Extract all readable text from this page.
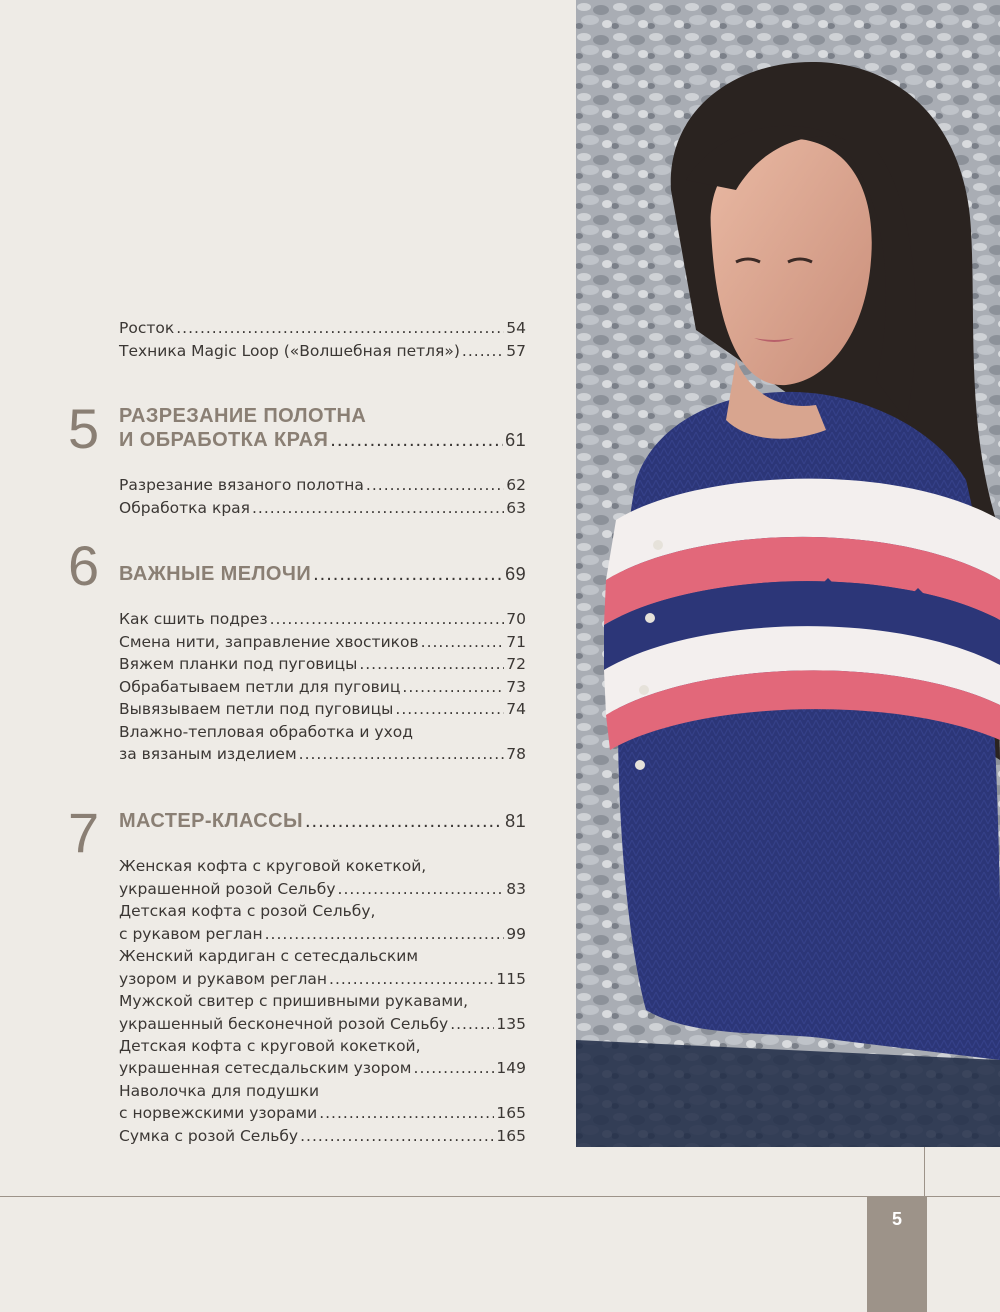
Росток .....	54
Техника Magic Loop («Волшебная петля») .....	57
5 РАЗРЕЗАНИЕ ПОЛОТНА
И ОБРАБОТКА КРАЯ .....	61
Разрезание вязаного полотна .....	62
Обработка края .....	63
6 ВАЖНЫЕ МЕЛОЧИ .....	69
Как сшить подрез .....	70
Смена нити, заправление хвостиков .....	71
Вяжем планки под пуговицы .....	72
Обрабатываем петли для пуговиц .....	73
Вывязываем петли под пуговицы .....	74
Влажно-тепловая обработка и уход
за вязаным изделием .....	78
7 МАСТЕР-КЛАССЫ .....	81
Женская кофта с круговой кокеткой,
украшенной розой Сельбу .....	83
Детская кофта с розой Сельбу,
с рукавом реглан .....	99
Женский кардиган с сетесдальским
узором и рукавом реглан .....	115
Мужской свитер с пришивными рукавами,
украшенный бесконечной розой Сельбу .....	135
Детская кофта с круговой кокеткой,
украшенная сетесдальским узором .....	149
Наволочка для подушки
с норвежскими узорами .....	165
Сумка с розой Сельбу .....	165
5
